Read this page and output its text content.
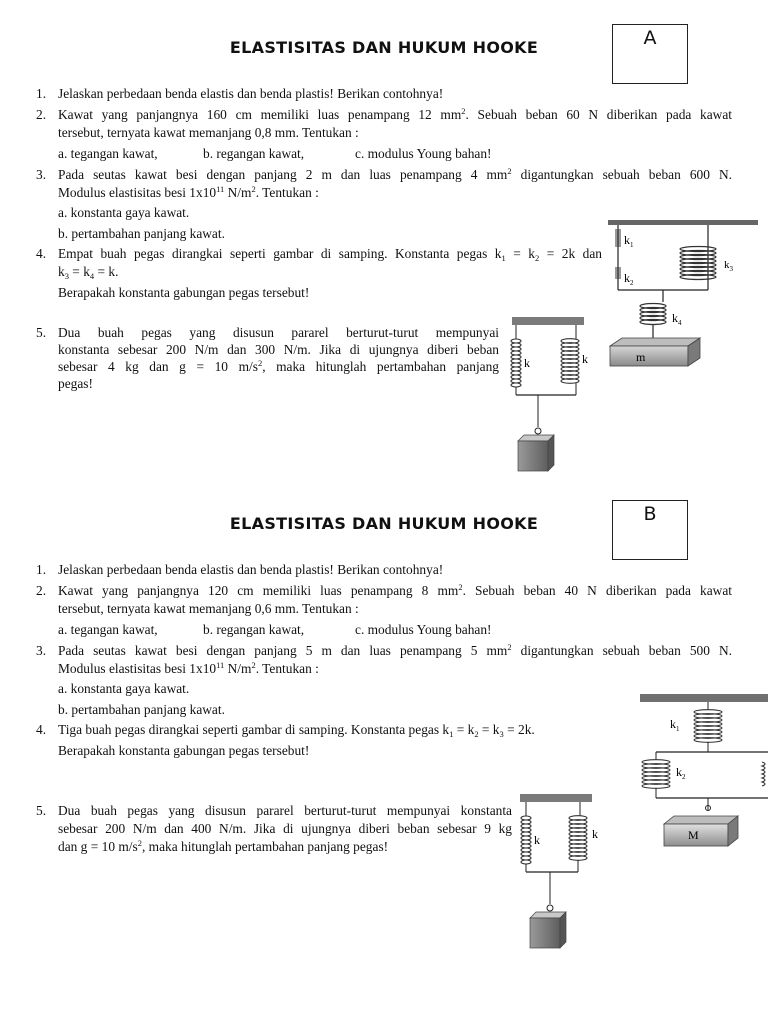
ELASTISITAS DAN HUKUM HOOKE	A
1. Jelaskan perbedaan benda elastis dan benda plastis! Berikan contohnya!
2. Kawat yang panjangnya 160 cm memiliki luas penampang 12 $mm^2$. Sebuah beban 60 N diberikan pada kawat
tersebut, ternyata kawat memanjang 0,8 mm. Tentukan :
a. tegangan kawat,	b. regangan kawat,	c. modulus Young bahan!
3. Pada seutas kawat besi dengan panjang 2 m dan luas penampang 4 $mm^2$ digantungkan sebuah beban 600 N.
Modulus elastisitas besi $1x10^{11}$ $N/m^2$. Tentukan :
a. konstanta gaya kawat.
b. pertambahan panjang kawat.
4. Empat buah pegas dirangkai seperti gambar di samping. Konstanta pegas $k_1 = k_2 = 2k$ dan
$k_3 = k_4 = k$.
Berapakah konstanta gabungan pegas tersebut!
5. Dua buah pegas yang disusun pararel berturut-turut mempunyai
konstanta sebesar 200 N/m dan 300 N/m. Jika di ujungnya diberi beban
sebesar 4 kg dan g = 10 $m/s^2$, maka hitunglah pertambahan panjang
pegas!
$k_1$
$k_2$
$k_3$
$k_4$
m
k	k
ELASTISITAS DAN HUKUM HOOKE	B
1. Jelaskan perbedaan benda elastis dan benda plastis! Berikan contohnya!
2. Kawat yang panjangnya 120 cm memiliki luas penampang 8 $mm^2$. Sebuah beban 40 N diberikan pada kawat
tersebut, ternyata kawat memanjang 0,6 mm. Tentukan :
a. tegangan kawat,	b. regangan kawat,	c. modulus Young bahan!
3. Pada seutas kawat besi dengan panjang 5 m dan luas penampang 5 $mm^2$ digantungkan sebuah beban 500 N.
Modulus elastisitas besi $1x10^{11}$ $N/m^2$. Tentukan :
a. konstanta gaya kawat.
b. pertambahan panjang kawat.
4. Tiga buah pegas dirangkai seperti gambar di samping. Konstanta pegas $k_1 = k_2 = k_3 = 2k$.
Berapakah konstanta gabungan pegas tersebut!
5. Dua buah pegas yang disusun pararel berturut-turut mempunyai konstanta
sebesar 200 N/m dan 400 N/m. Jika di ujungnya diberi beban sebesar 9 kg
dan g = 10 $m/s^2$, maka hitunglah pertambahan panjang pegas!
$k_1$
$k_2$
M
k	k
